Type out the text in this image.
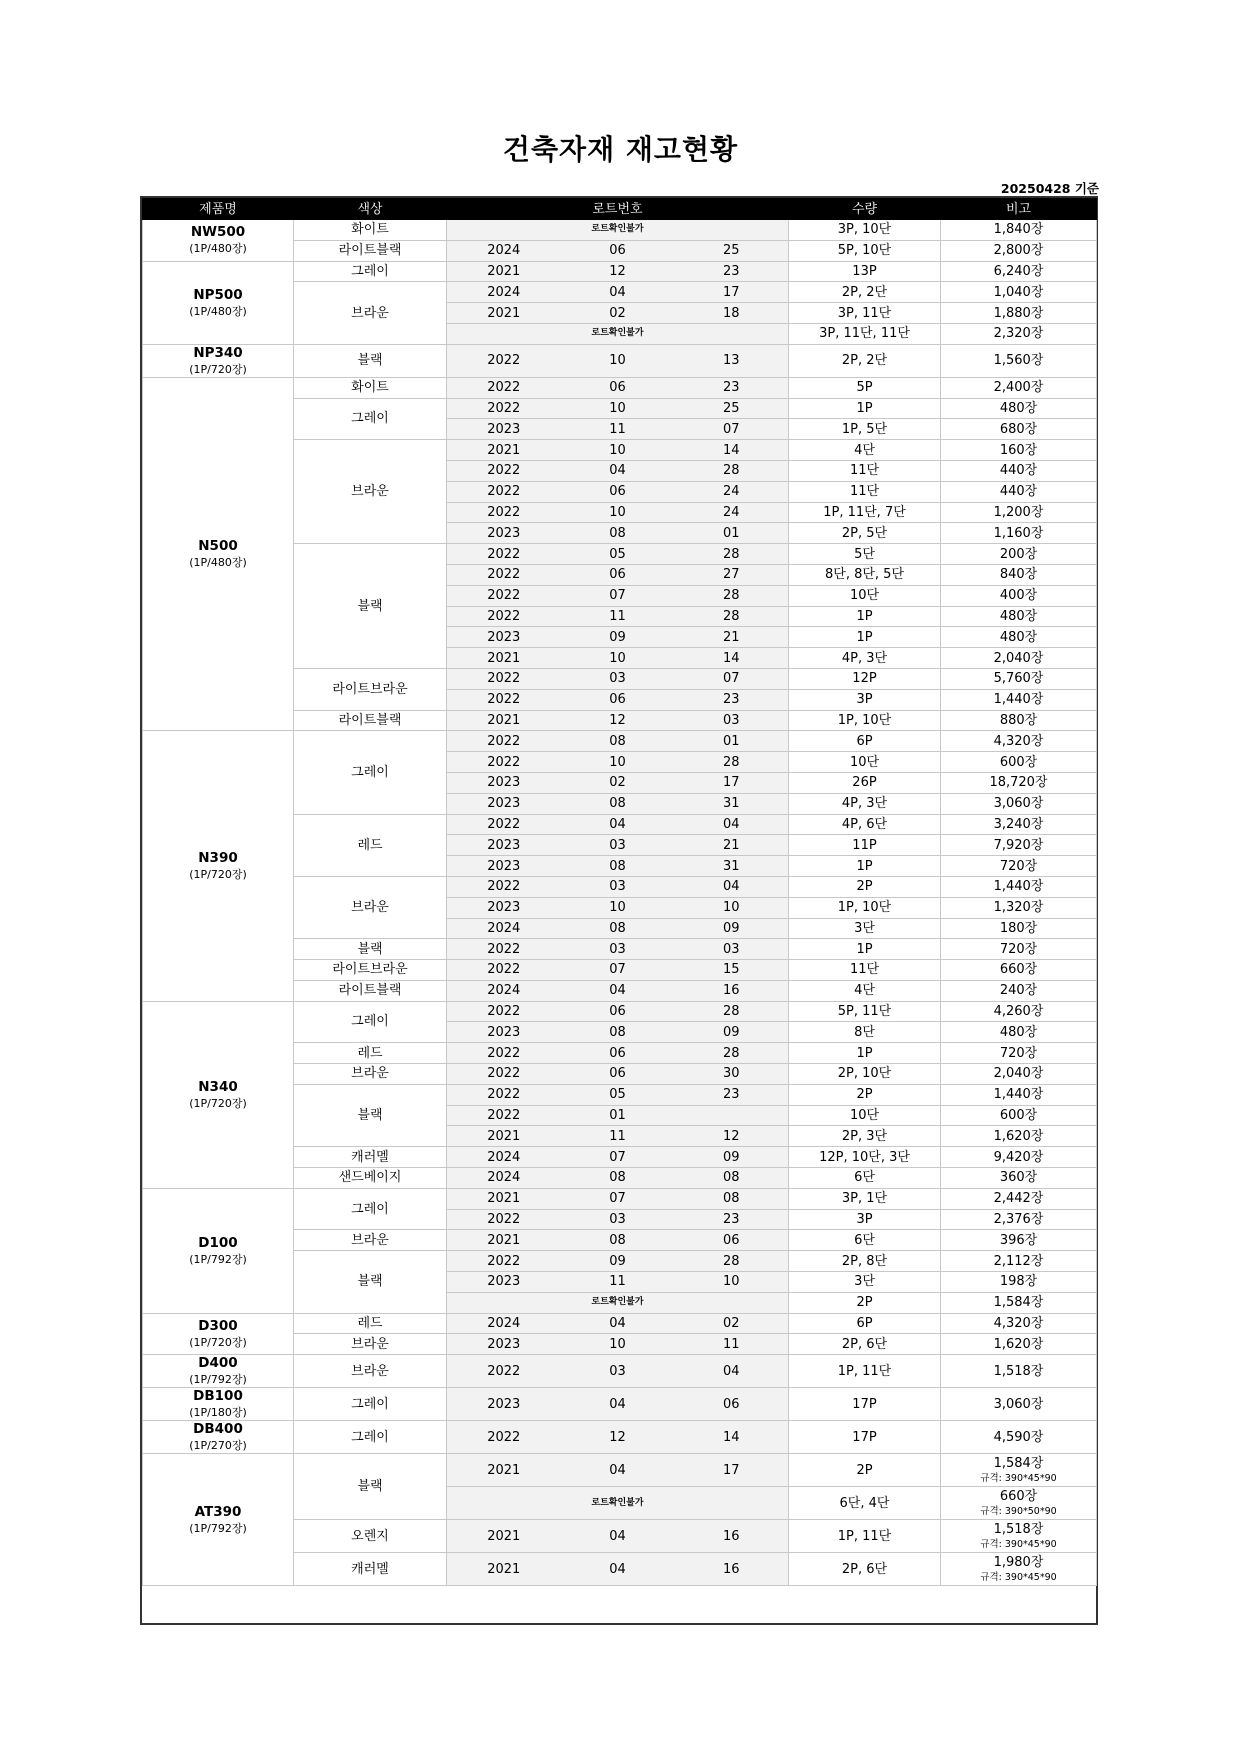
건축자재 재고현황
20250428 기준
제품명	색상	로트번호			수량	비고

NW500
(1P/480장)	화이트	로트확인불가			3P, 10단	1,840장
	라이트블랙	2024	06	25	5P, 10단	2,800장

NP500
(1P/480장)	그레이	2021	12	23	13P	6,240장
	브라운	2024	04	17	2P, 2단	1,040장
		2021	02	18	3P, 11단	1,880장
		로트확인불가			3P, 11단, 11단	2,320장

NP340
(1P/720장)	블랙	2022	10	13	2P, 2단	1,560장

N500
(1P/480장)	화이트	2022	06	23	5P	2,400장
	그레이	2022	10	25	1P	480장
		2023	11	07	1P, 5단	680장
	브라운	2021	10	14	4단	160장
		2022	04	28	11단	440장
		2022	06	24	11단	440장
		2022	10	24	1P, 11단, 7단	1,200장
		2023	08	01	2P, 5단	1,160장
	블랙	2022	05	28	5단	200장
		2022	06	27	8단, 8단, 5단	840장
		2022	07	28	10단	400장
		2022	11	28	1P	480장
		2023	09	21	1P	480장
		2021	10	14	4P, 3단	2,040장
	라이트브라운	2022	03	07	12P	5,760장
		2022	06	23	3P	1,440장
	라이트블랙	2021	12	03	1P, 10단	880장

N390
(1P/720장)	그레이	2022	08	01	6P	4,320장
		2022	10	28	10단	600장
		2023	02	17	26P	18,720장
		2023	08	31	4P, 3단	3,060장
	레드	2022	04	04	4P, 6단	3,240장
		2023	03	21	11P	7,920장
		2023	08	31	1P	720장
	브라운	2022	03	04	2P	1,440장
		2023	10	10	1P, 10단	1,320장
		2024	08	09	3단	180장
	블랙	2022	03	03	1P	720장
	라이트브라운	2022	07	15	11단	660장
	라이트블랙	2024	04	16	4단	240장

N340
(1P/720장)	그레이	2022	06	28	5P, 11단	4,260장
		2023	08	09	8단	480장
	레드	2022	06	28	1P	720장
	브라운	2022	06	30	2P, 10단	2,040장
	블랙	2022	05	23	2P	1,440장
		2022	01		10단	600장
		2021	11	12	2P, 3단	1,620장
	캐러멜	2024	07	09	12P, 10단, 3단	9,420장
	샌드베이지	2024	08	08	6단	360장

D100
(1P/792장)	그레이	2021	07	08	3P, 1단	2,442장
		2022	03	23	3P	2,376장
	브라운	2021	08	06	6단	396장
	블랙	2022	09	28	2P, 8단	2,112장
		2023	11	10	3단	198장
		로트확인불가			2P	1,584장

D300
(1P/720장)	레드	2024	04	02	6P	4,320장
	브라운	2023	10	11	2P, 6단	1,620장

D400
(1P/792장)	브라운	2022	03	04	1P, 11단	1,518장

DB100
(1P/180장)	그레이	2023	04	06	17P	3,060장

DB400
(1P/270장)	그레이	2022	12	14	17P	4,590장

AT390
(1P/792장)	블랙	2021	04	17	2P	1,584장
규격: 390*45*90

		로트확인불가			6단, 4단	660장
규격: 390*50*90

	오렌지	2021	04	16	1P, 11단	1,518장
규격: 390*45*90

	캐러멜	2021	04	16	2P, 6단	1,980장
규격: 390*45*90
